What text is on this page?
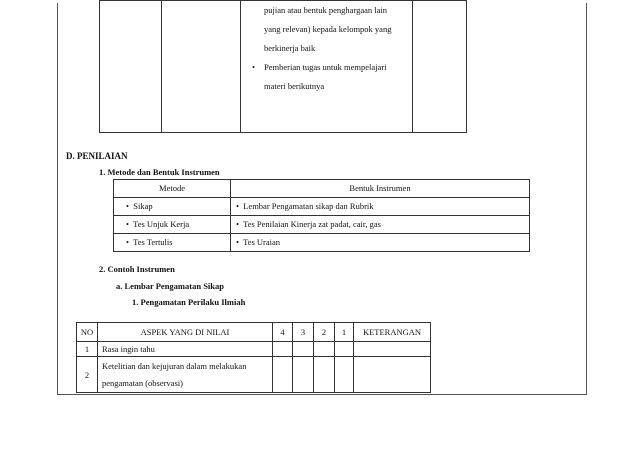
pujian atau bentuk penghargaan lain
yang relevan) kepada kelompok yang
berkinerja baik
• Pemberian tugas untuk mempelajari
materi berikutnya

D. PENILAIAN
1. Metode dan Bentuk Instrumen
Metode	Bentuk Instrumen
• Sikap	• Lembar Pengamatan sikap dan Rubrik
• Tes Unjuk Kerja	• Tes Penilaian Kinerja zat padat, cair, gas
• Tes Tertulis	• Tes Uraian
2. Contoh Instrumen
a. Lembar Pengamatan Sikap
1. Pengamatan Perilaku Ilmiah
NO	ASPEK YANG DI NILAI	4	3	2	1	KETERANGAN
1	Rasa ingin tahu					
2	Ketelitian dan kejujuran dalam melakukan
pengamatan (observasi)					
